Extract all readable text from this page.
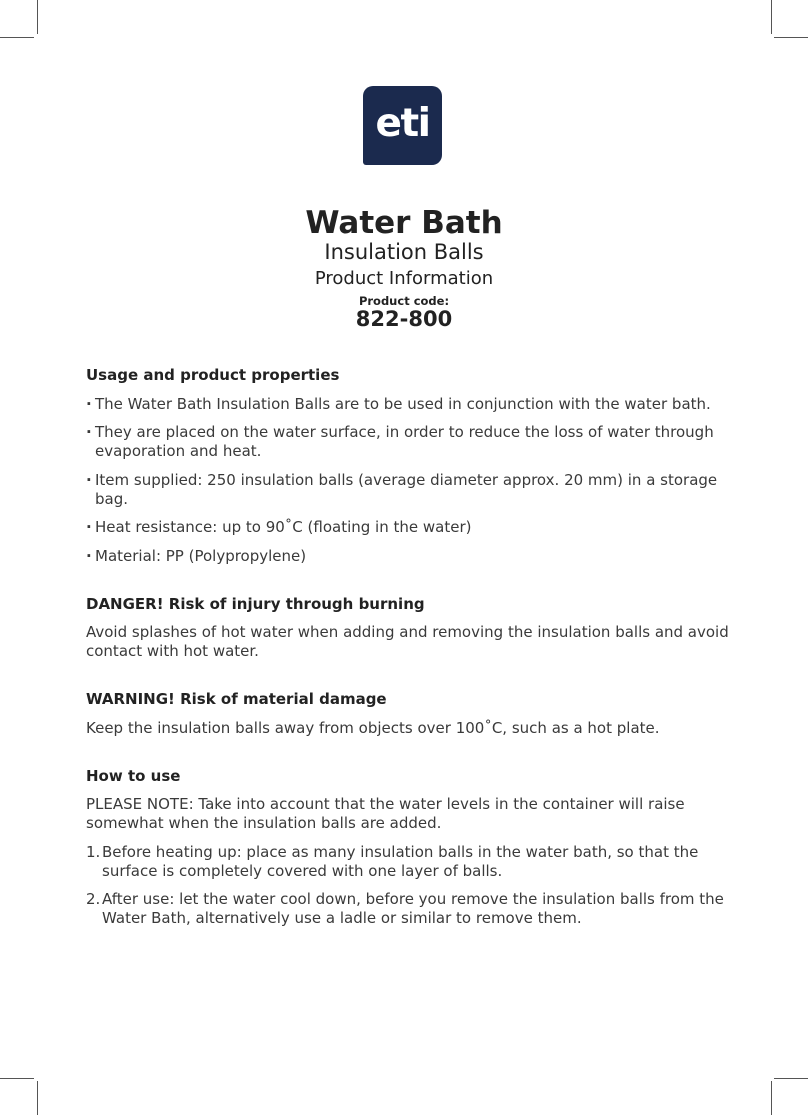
eti
Water Bath
Insulation Balls
Product Information
Product code:
822-800

Usage and product properties

· The Water Bath Insulation Balls are to be used in conjunction with the water bath.
· They are placed on the water surface, in order to reduce the loss of water through evaporation and heat.
· Item supplied: 250 insulation balls (average diameter approx. 20 mm) in a storage bag.
· Heat resistance: up to 90˚C (floating in the water)
· Material: PP (Polypropylene)

DANGER! Risk of injury through burning

Avoid splashes of hot water when adding and removing the insulation balls and avoid contact with hot water.

WARNING! Risk of material damage

Keep the insulation balls away from objects over 100˚C, such as a hot plate.

How to use

PLEASE NOTE: Take into account that the water levels in the container will raise somewhat when the insulation balls are added.

1. Before heating up: place as many insulation balls in the water bath, so that the surface is completely covered with one layer of balls.
2. After use: let the water cool down, before you remove the insulation balls from the Water Bath, alternatively use a ladle or similar to remove them.
